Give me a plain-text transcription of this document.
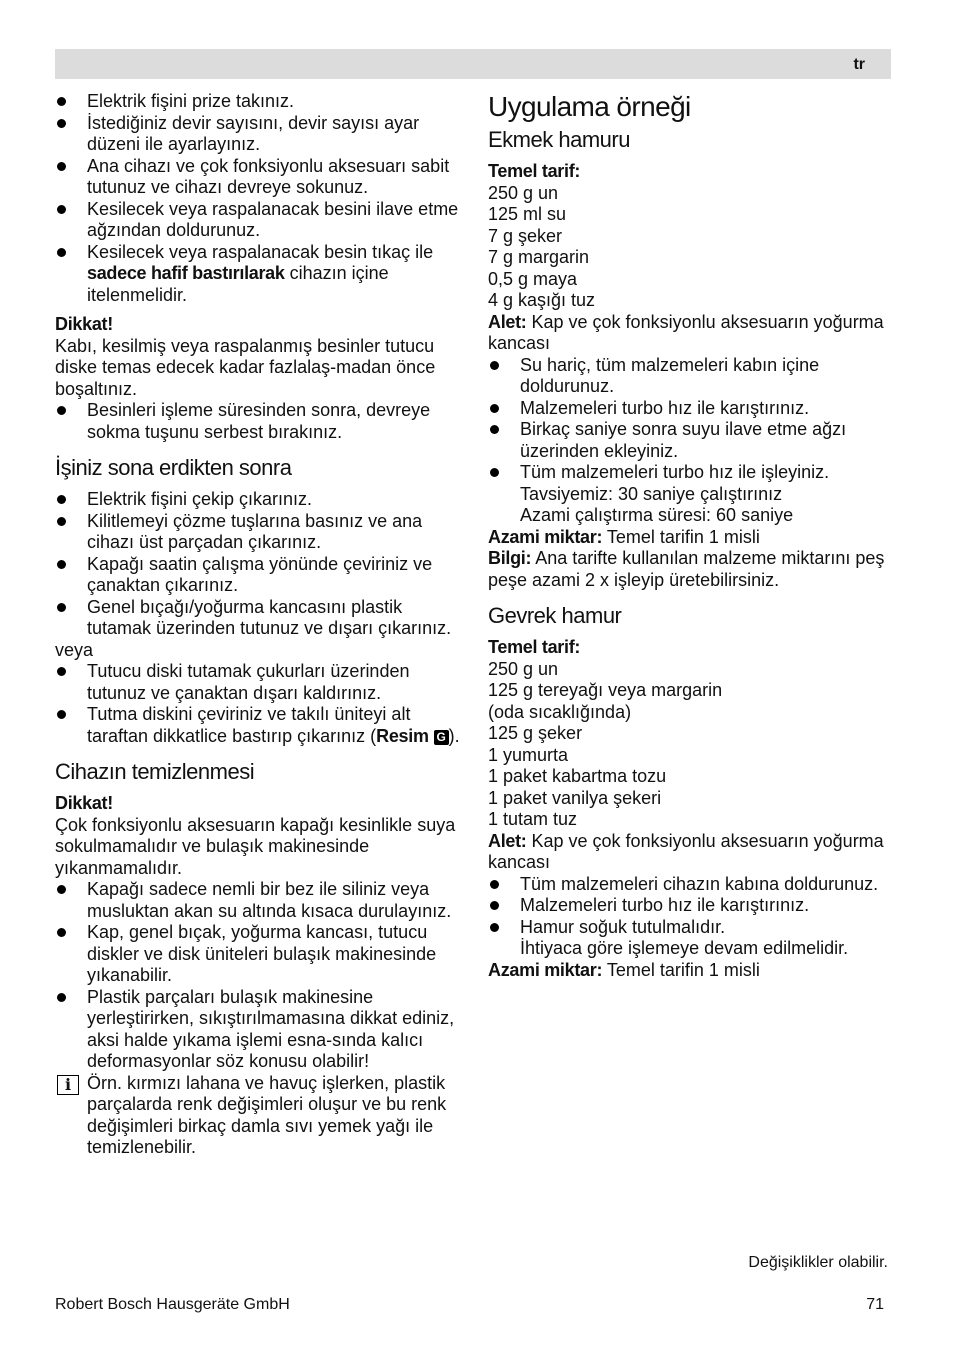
tr

Elektrik fişini prize takınız.

İstediğiniz devir sayısını, devir sayısı ayar düzeni ile ayarlayınız.

Ana cihazı ve çok fonksiyonlu aksesuarı sabit tutunuz ve cihazı devreye sokunuz.

Kesilecek veya raspalanacak besini ilave etme ağzından doldurunuz.

Kesilecek veya raspalanacak besin tıkaç ile sadece hafif bastırılarak cihazın içine itelenmelidir.

Dikkat!

Kabı, kesilmiş veya raspalanmış besinler tutucu diske temas edecek kadar fazlalaş-madan önce boşaltınız.

Besinleri işleme süresinden sonra, devreye sokma tuşunu serbest bırakınız.

İşiniz sona erdikten sonra

Elektrik fişini çekip çıkarınız.

Kilitlemeyi çözme tuşlarına basınız ve ana cihazı üst parçadan çıkarınız.

Kapağı saatin çalışma yönünde çeviriniz ve çanaktan çıkarınız.

Genel bıçağı/yoğurma kancasını plastik tutamak üzerinden tutunuz ve dışarı çıkarınız.

veya

Tutucu diski tutamak çukurları üzerinden tutunuz ve çanaktan dışarı kaldırınız.

Tutma diskini çeviriniz ve takılı üniteyi alt taraftan dikkatlice bastırıp çıkarınız (Resim G ).

Cihazın temizlenmesi

Dikkat!

Çok fonksiyonlu aksesuarın kapağı kesinlikle suya sokulmamalıdır ve bulaşık makinesinde yıkanmamalıdır.

Kapağı sadece nemli bir bez ile siliniz veya musluktan akan su altında kısaca durulayınız.

Kap, genel bıçak, yoğurma kancası, tutucu diskler ve disk üniteleri bulaşık makinesinde yıkanabilir.

Plastik parçaları bulaşık makinesine yerleştirirken, sıkıştırılmamasına dikkat ediniz, aksi halde yıkama işlemi esna-sında kalıcı deformasyonlar söz konusu olabilir!

i Örn. kırmızı lahana ve havuç işlerken, plastik parçalarda renk değişimleri oluşur ve bu renk değişimleri birkaç damla sıvı yemek yağı ile temizlenebilir.

Uygulama örneği
Ekmek hamuru

Temel tarif:

250 g un

125 ml su

7 g şeker

7 g margarin

0,5 g maya

4 g kaşığı tuz

Alet: Kap ve çok fonksiyonlu aksesuarın yoğurma kancası

Su hariç, tüm malzemeleri kabın içine doldurunuz.

Malzemeleri turbo hız ile karıştırınız.

Birkaç saniye sonra suyu ilave etme ağzı üzerinden ekleyiniz.

Tüm malzemeleri turbo hız ile işleyiniz.
Tavsiyemiz: 30 saniye çalıştırınız
Azami çalıştırma süresi: 60 saniye

Azami miktar: Temel tarifin 1 misli

Bilgi: Ana tarifte kullanılan malzeme miktarını peş peşe azami 2 x işleyip üretebilirsiniz.

Gevrek hamur

Temel tarif:

250 g un

125 g tereyağı veya margarin

(oda sıcaklığında)

125 g şeker

1 yumurta

1 paket kabartma tozu

1 paket vanilya şekeri

1 tutam tuz

Alet: Kap ve çok fonksiyonlu aksesuarın yoğurma kancası

Tüm malzemeleri cihazın kabına doldurunuz.

Malzemeleri turbo hız ile karıştırınız.

Hamur soğuk tutulmalıdır.
İhtiyaca göre işlemeye devam edilmelidir.

Azami miktar: Temel tarifin 1 misli

Değişiklikler olabilir.
Robert Bosch Hausgeräte GmbH	71
